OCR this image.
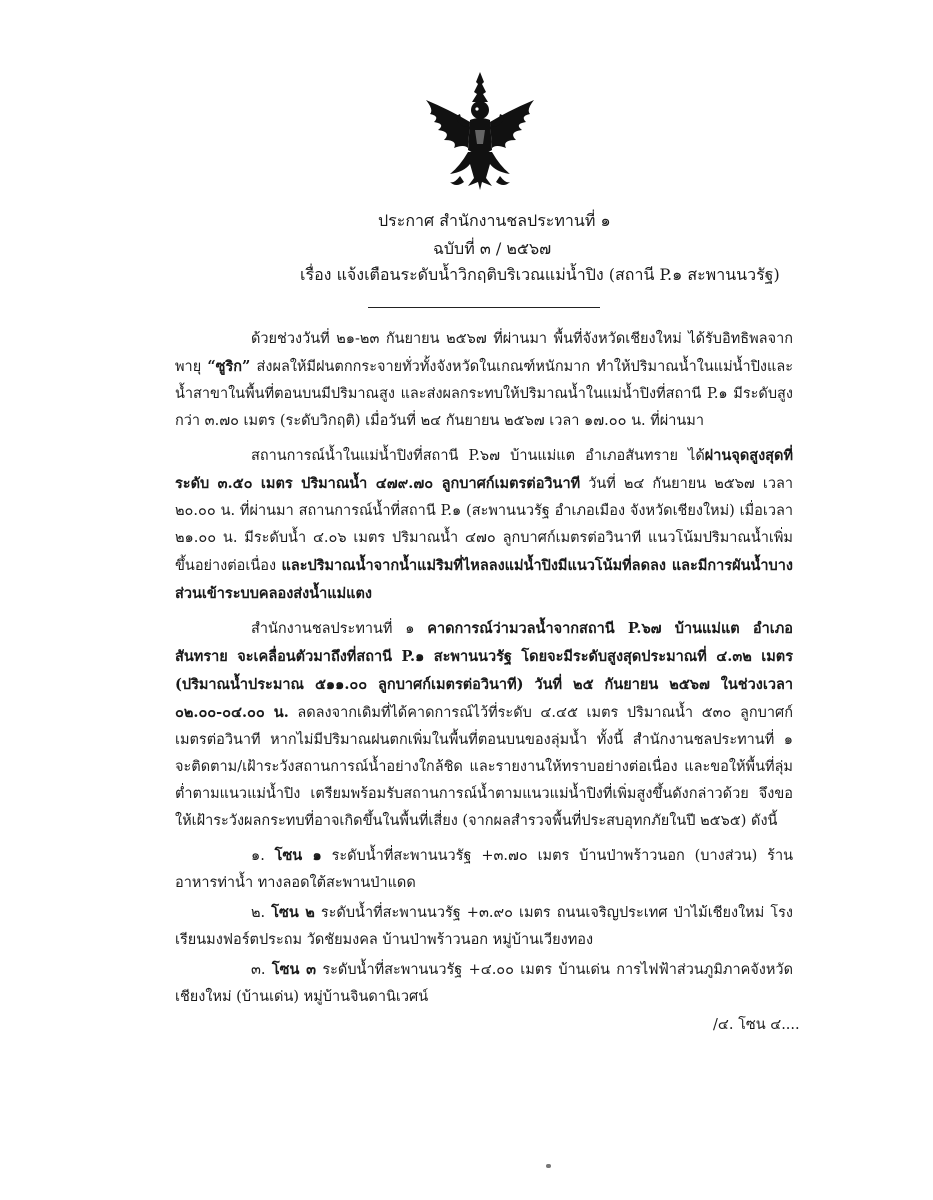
ประกาศ สำนักงานชลประทานที่ ๑
ฉบับที่ ๓ / ๒๕๖๗
เรื่อง แจ้งเตือนระดับน้ำวิกฤติบริเวณแม่น้ำปิง (สถานี P.๑ สะพานนวรัฐ)

ด้วยช่วงวันที่ ๒๑-๒๓ กันยายน ๒๕๖๗ ที่ผ่านมา พื้นที่จังหวัดเชียงใหม่ ได้รับอิทธิพลจากพายุ “ซูริก” ส่งผลให้มีฝนตกกระจายทั่วทั้งจังหวัดในเกณฑ์หนักมาก ทำให้ปริมาณน้ำในแม่น้ำปิงและน้ำสาขาในพื้นที่ตอนบนมีปริมาณสูง และส่งผลกระทบให้ปริมาณน้ำในแม่น้ำปิงที่สถานี P.๑ มีระดับสูงกว่า ๓.๗๐ เมตร (ระดับวิกฤติ) เมื่อวันที่ ๒๔ กันยายน ๒๕๖๗ เวลา ๑๗.๐๐ น. ที่ผ่านมา

สถานการณ์น้ำในแม่น้ำปิงที่สถานี P.๖๗ บ้านแม่แต อำเภอสันทราย ได้ผ่านจุดสูงสุดที่ระดับ ๓.๕๐ เมตร ปริมาณน้ำ ๔๗๙.๗๐ ลูกบาศก์เมตรต่อวินาที วันที่ ๒๔ กันยายน ๒๕๖๗ เวลา ๒๐.๐๐ น. ที่ผ่านมา สถานการณ์น้ำที่สถานี P.๑ (สะพานนวรัฐ อำเภอเมือง จังหวัดเชียงใหม่) เมื่อเวลา ๒๑.๐๐ น. มีระดับน้ำ ๔.๐๖ เมตร ปริมาณน้ำ ๔๗๐ ลูกบาศก์เมตรต่อวินาที แนวโน้มปริมาณน้ำเพิ่มขึ้นอย่างต่อเนื่อง และปริมาณน้ำจากน้ำแม่ริมที่ไหลลงแม่น้ำปิงมีแนวโน้มที่ลดลง และมีการผันน้ำบางส่วนเข้าระบบคลองส่งน้ำแม่แตง

สำนักงานชลประทานที่ ๑ คาดการณ์ว่ามวลน้ำจากสถานี P.๖๗ บ้านแม่แต อำเภอสันทราย จะเคลื่อนตัวมาถึงที่สถานี P.๑ สะพานนวรัฐ โดยจะมีระดับสูงสุดประมาณที่ ๔.๓๒ เมตร (ปริมาณน้ำประมาณ ๕๑๑.๐๐ ลูกบาศก์เมตรต่อวินาที) วันที่ ๒๕ กันยายน ๒๕๖๗ ในช่วงเวลา ๐๒.๐๐-๐๔.๐๐ น. ลดลงจากเดิมที่ได้คาดการณ์ไว้ที่ระดับ ๔.๔๕ เมตร ปริมาณน้ำ ๕๓๐ ลูกบาศก์เมตรต่อวินาที หากไม่มีปริมาณฝนตกเพิ่มในพื้นที่ตอนบนของลุ่มน้ำ ทั้งนี้ สำนักงานชลประทานที่ ๑ จะติดตาม/เฝ้าระวังสถานการณ์น้ำอย่างใกล้ชิด และรายงานให้ทราบอย่างต่อเนื่อง และขอให้พื้นที่ลุ่มต่ำตามแนวแม่น้ำปิง เตรียมพร้อมรับสถานการณ์น้ำตามแนวแม่น้ำปิงที่เพิ่มสูงขึ้นดังกล่าวด้วย จึงขอให้เฝ้าระวังผลกระทบที่อาจเกิดขึ้นในพื้นที่เสี่ยง (จากผลสำรวจพื้นที่ประสบอุทกภัยในปี ๒๕๖๕) ดังนี้

๑. โซน ๑ ระดับน้ำที่สะพานนวรัฐ +๓.๗๐ เมตร บ้านป่าพร้าวนอก (บางส่วน) ร้านอาหารท่าน้ำ ทางลอดใต้สะพานป่าแดด

๒. โซน ๒ ระดับน้ำที่สะพานนวรัฐ +๓.๙๐ เมตร ถนนเจริญประเทศ ป่าไม้เชียงใหม่ โรงเรียนมงฟอร์ตประถม วัดชัยมงคล บ้านป่าพร้าวนอก หมู่บ้านเวียงทอง

๓. โซน ๓ ระดับน้ำที่สะพานนวรัฐ +๔.๐๐ เมตร บ้านเด่น การไฟฟ้าส่วนภูมิภาคจังหวัดเชียงใหม่ (บ้านเด่น) หมู่บ้านจินดานิเวศน์

/๔. โซน ๔....
